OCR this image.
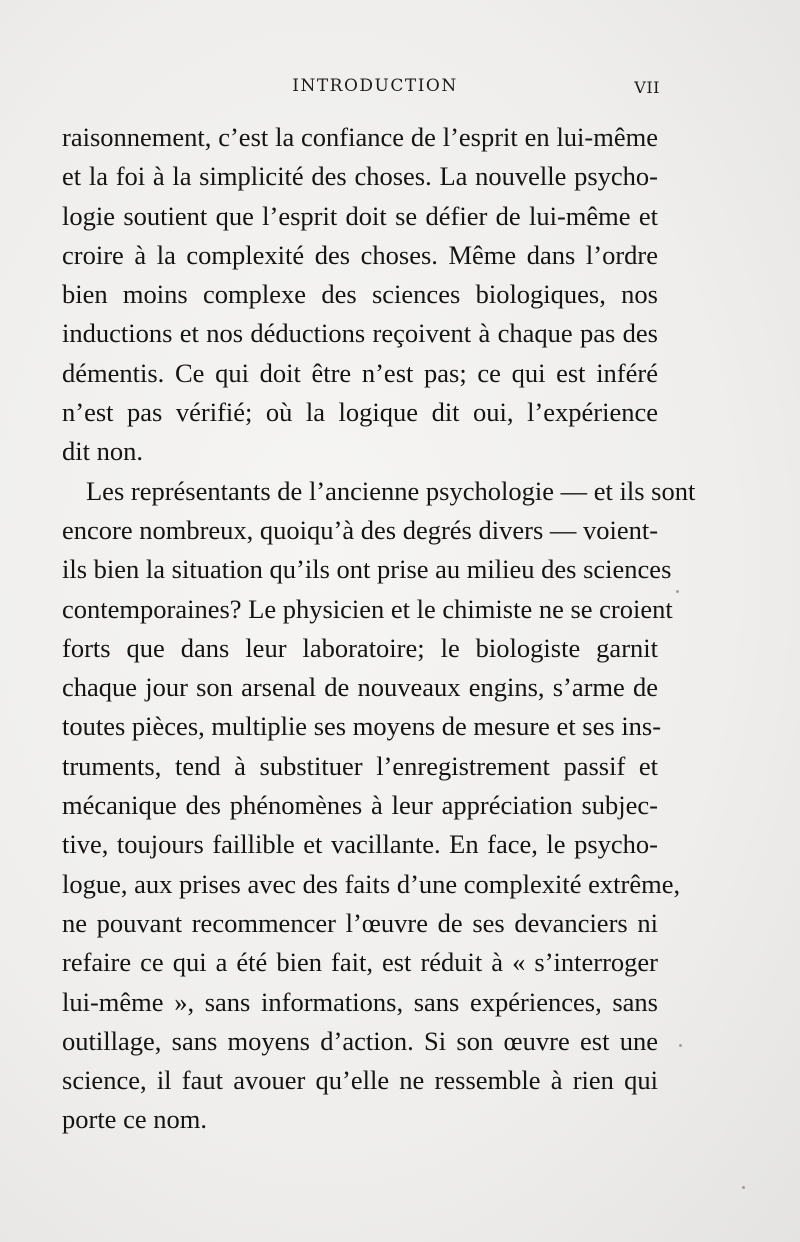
INTRODUCTION	VII
raisonnement, c’est la confiance de l’esprit en lui-même
et la foi à la simplicité des choses. La nouvelle psycho-
logie soutient que l’esprit doit se défier de lui-même et
croire à la complexité des choses. Même dans l’ordre
bien moins complexe des sciences biologiques, nos
inductions et nos déductions reçoivent à chaque pas des
démentis. Ce qui doit être n’est pas; ce qui est inféré
n’est pas vérifié; où la logique dit oui, l’expérience
dit non.
Les représentants de l’ancienne psychologie — et ils sont
encore nombreux, quoiqu’à des degrés divers — voient-
ils bien la situation qu’ils ont prise au milieu des sciences
contemporaines? Le physicien et le chimiste ne se croient
forts que dans leur laboratoire; le biologiste garnit
chaque jour son arsenal de nouveaux engins, s’arme de
toutes pièces, multiplie ses moyens de mesure et ses ins-
truments, tend à substituer l’enregistrement passif et
mécanique des phénomènes à leur appréciation subjec-
tive, toujours faillible et vacillante. En face, le psycho-
logue, aux prises avec des faits d’une complexité extrême,
ne pouvant recommencer l’œuvre de ses devanciers ni
refaire ce qui a été bien fait, est réduit à « s’interroger
lui-même », sans informations, sans expériences, sans
outillage, sans moyens d’action. Si son œuvre est une
science, il faut avouer qu’elle ne ressemble à rien qui
porte ce nom.
